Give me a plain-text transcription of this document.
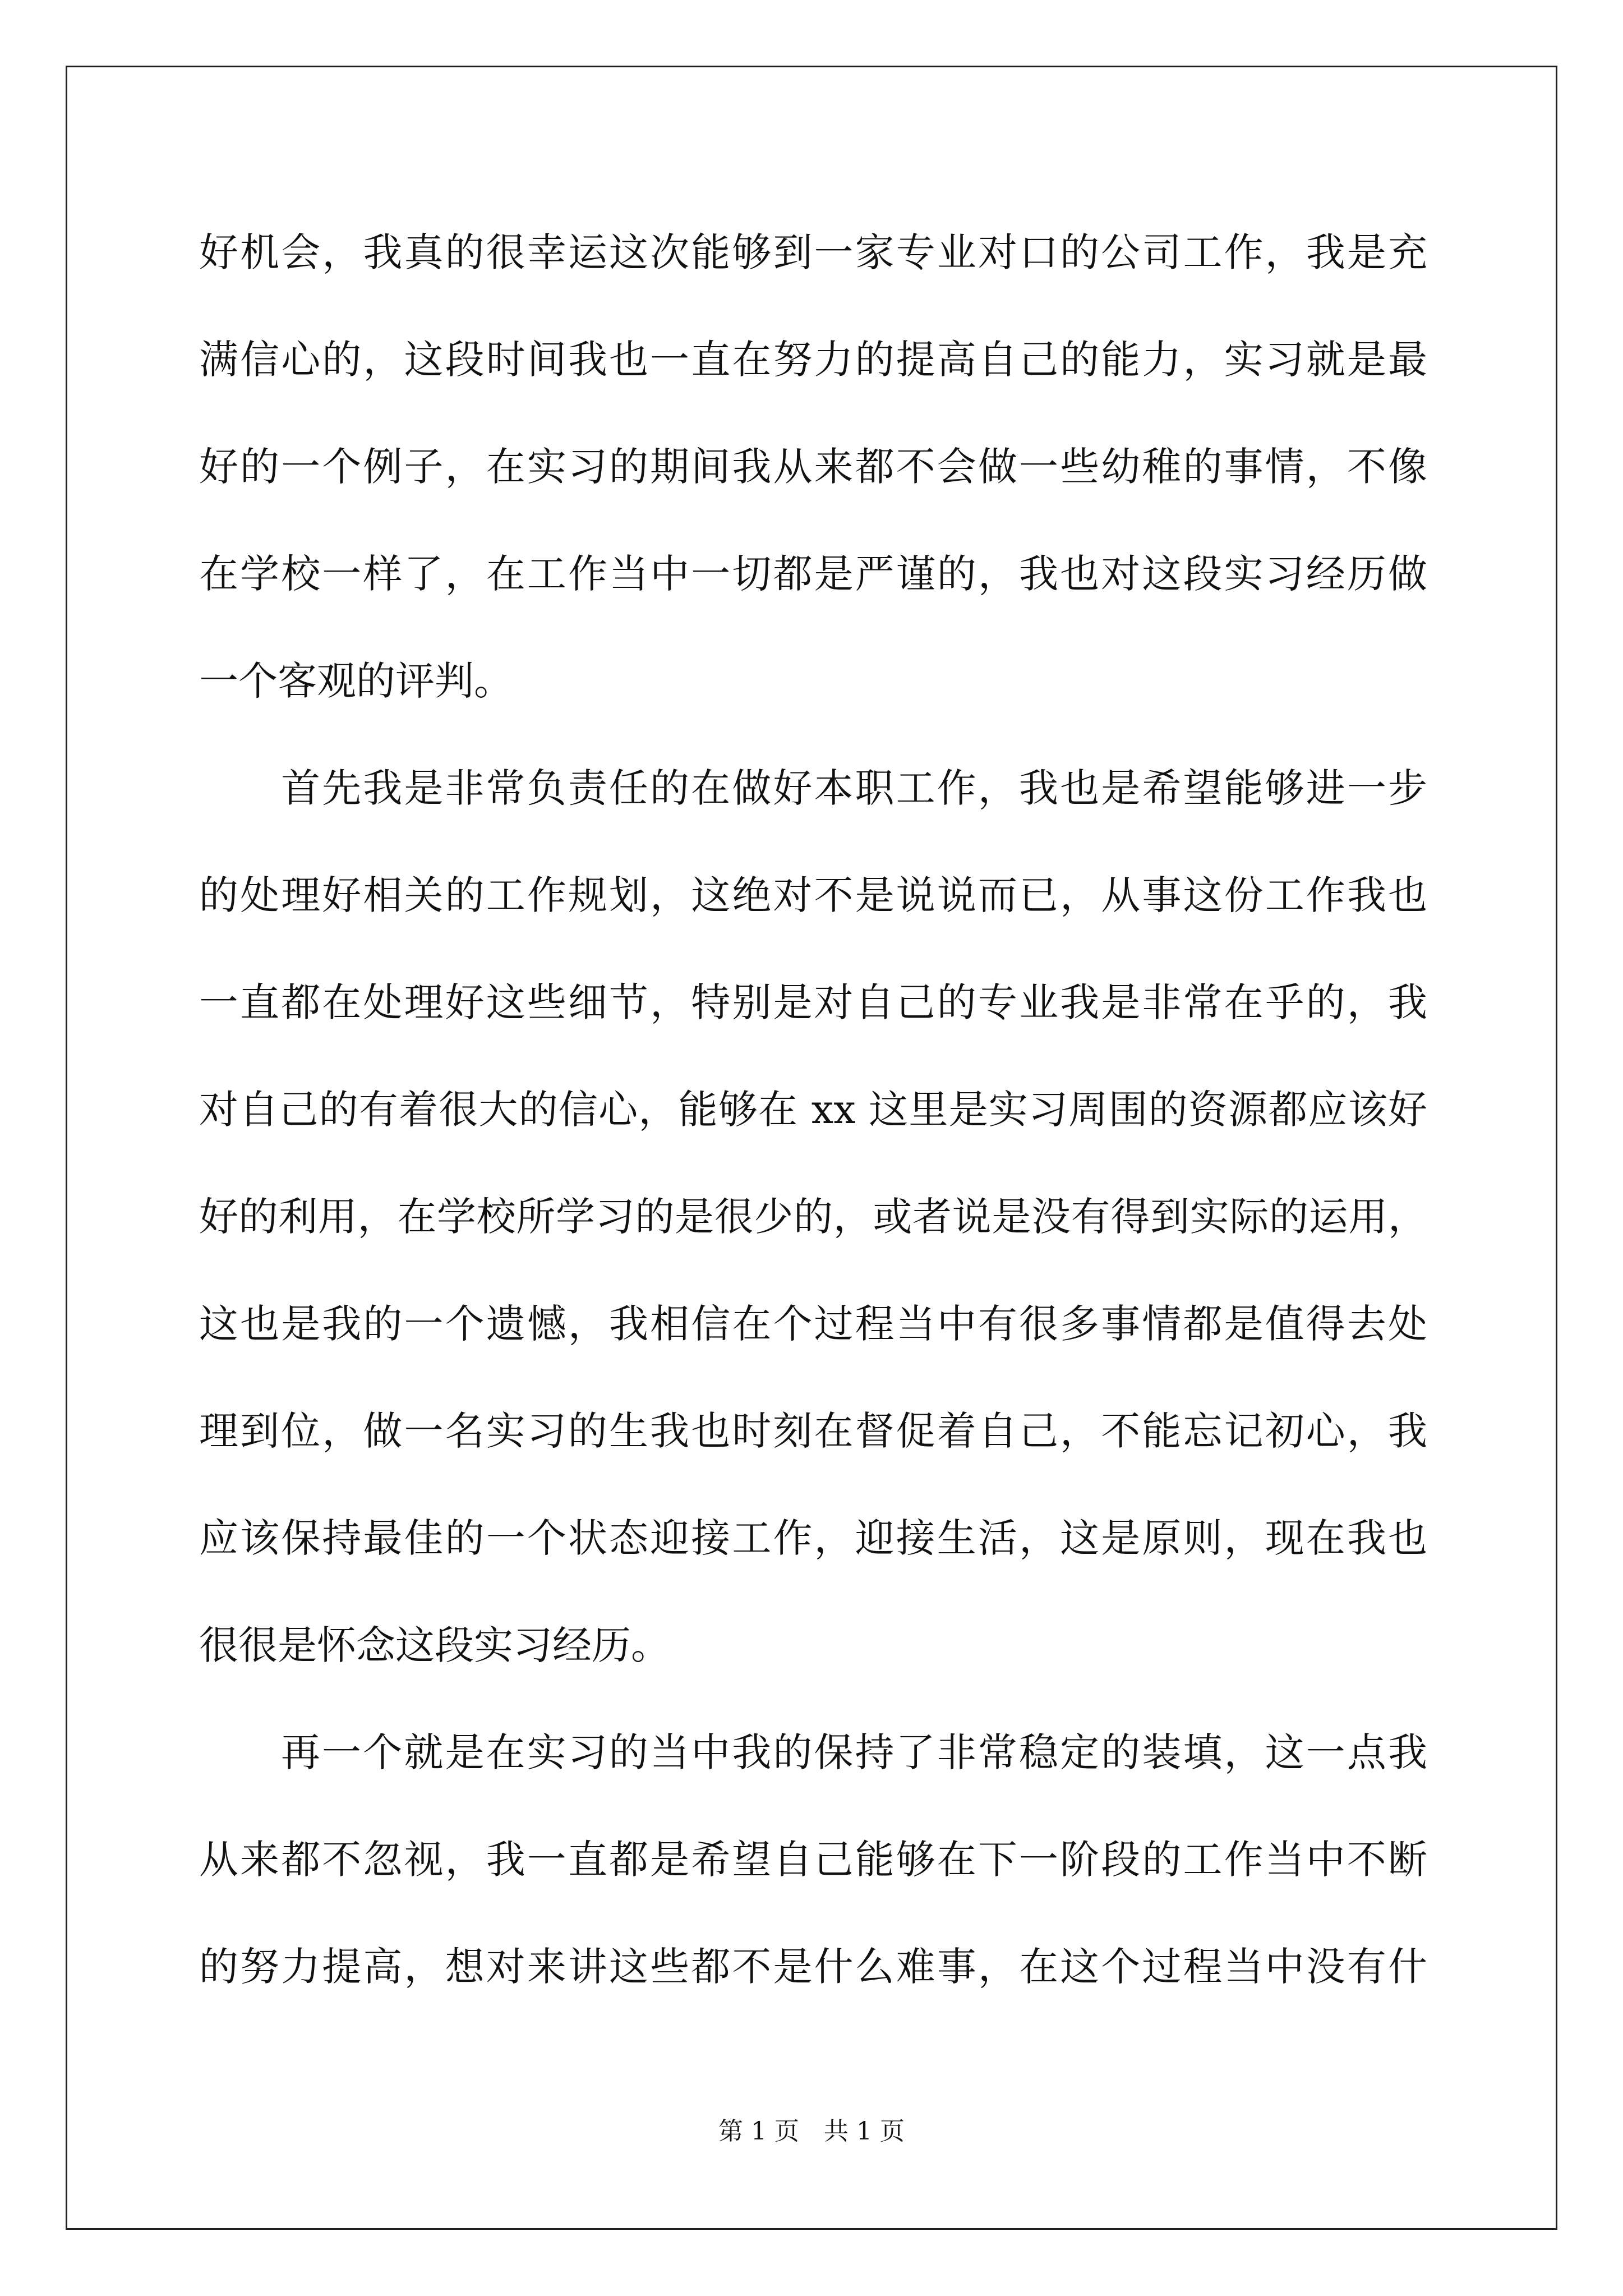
好机会，我真的很幸运这次能够到一家专业对口的公司工作，我是充
满信心的，这段时间我也一直在努力的提高自己的能力，实习就是最
好的一个例子，在实习的期间我从来都不会做一些幼稚的事情，不像
在学校一样了，在工作当中一切都是严谨的，我也对这段实习经历做
一个客观的评判。
首先我是非常负责任的在做好本职工作，我也是希望能够进一步
的处理好相关的工作规划，这绝对不是说说而已，从事这份工作我也
一直都在处理好这些细节，特别是对自己的专业我是非常在乎的，我
对自己的有着很大的信心，能够在 xx 这里是实习周围的资源都应该好
好的利用，在学校所学习的是很少的，或者说是没有得到实际的运用，
这也是我的一个遗憾，我相信在个过程当中有很多事情都是值得去处
理到位，做一名实习的生我也时刻在督促着自己，不能忘记初心，我
应该保持最佳的一个状态迎接工作，迎接生活，这是原则，现在我也
很很是怀念这段实习经历。
再一个就是在实习的当中我的保持了非常稳定的装填，这一点我
从来都不忽视，我一直都是希望自己能够在下一阶段的工作当中不断
的努力提高，想对来讲这些都不是什么难事，在这个过程当中没有什
第 1 页　共 1 页
